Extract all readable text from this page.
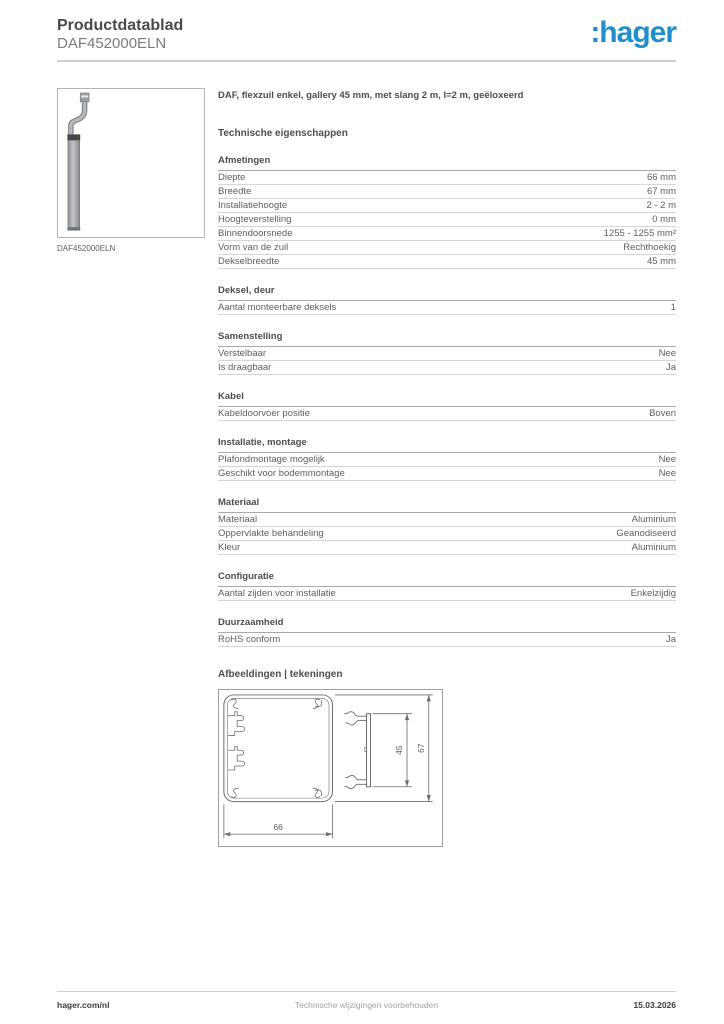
Productdatablad
DAF452000ELN	:hager
DAF452000ELN
DAF, flexzuil enkel, gallery 45 mm, met slang 2 m, l=2 m, geëloxeerd
Technische eigenschappen
Afmetingen
Diepte	66 mm
Breedte	67 mm
Installatiehoogte	2 - 2 m
Hoogteverstelling	0 mm
Binnendoorsnede	1255 - 1255 mm²
Vorm van de zuil	Rechthoekig
Dekselbreedte	45 mm
Deksel, deur
Aantal monteerbare deksels	1
Samenstelling
Verstelbaar	Nee
Is draagbaar	Ja
Kabel
Kabeldoorvoer positie	Boven
Installatie, montage
Plafondmontage mogelijk	Nee
Geschikt voor bodemmontage	Nee
Materiaal
Materiaal	Aluminium
Oppervlakte behandeling	Geanodiseerd
Kleur	Aluminium
Configuratie
Aantal zijden voor installatie	Enkelzijdig
Duurzaamheid
RoHS conform	Ja
Afbeeldingen | tekeningen
66
45 67
hager.com/nl	Technische wijzigingen voorbehouden	15.03.2026
